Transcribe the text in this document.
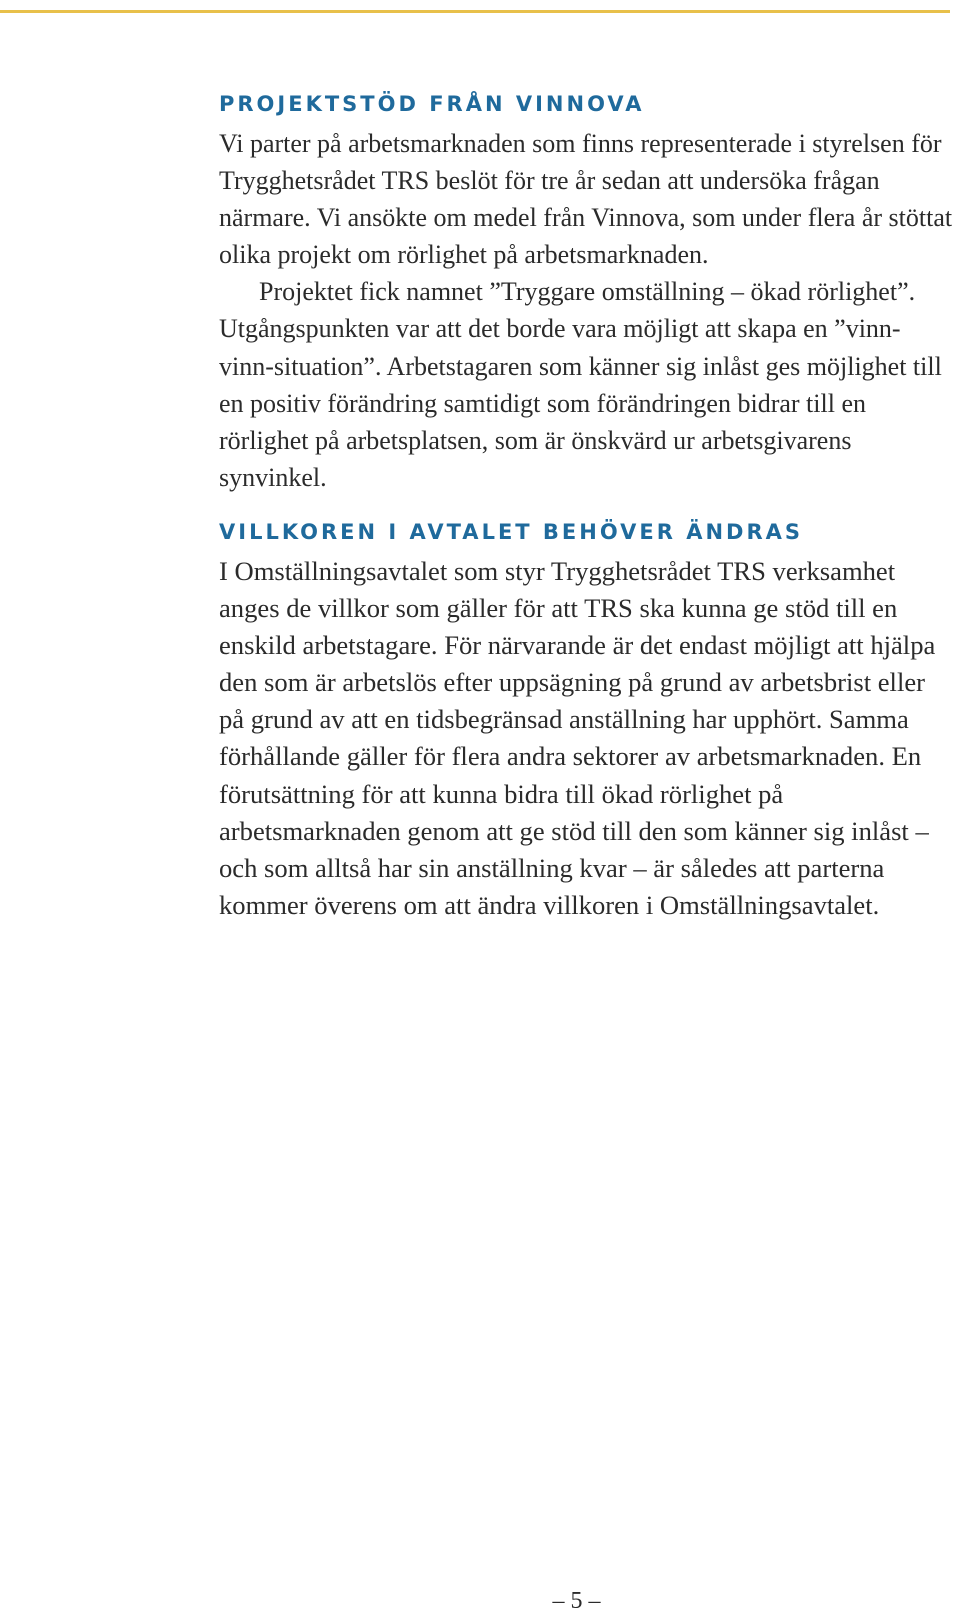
PROJEKTSTÖD FRÅN VINNOVA

Vi parter på arbetsmarknaden som finns representerade i styrelsen för Trygghetsrådet TRS beslöt för tre år sedan att undersöka frågan närmare. Vi ansökte om medel från Vinnova, som under flera år stöttat olika projekt om rörlighet på arbetsmarknaden.

Projektet fick namnet ”Tryggare omställning – ökad rörlighet”. Utgångspunkten var att det borde vara möjligt att skapa en ”vinn-vinn-situation”. Arbetstagaren som känner sig inlåst ges möjlighet till en positiv förändring samtidigt som förändringen bidrar till en rörlighet på arbetsplatsen, som är önskvärd ur arbetsgivarens synvinkel.

VILLKOREN I AVTALET BEHÖVER ÄNDRAS

I Omställningsavtalet som styr Trygghetsrådet TRS verksamhet anges de villkor som gäller för att TRS ska kunna ge stöd till en enskild arbetstagare. För närvarande är det endast möjligt att hjälpa den som är arbetslös efter uppsägning på grund av arbetsbrist eller på grund av att en tidsbegränsad anställning har upphört. Samma förhållande gäller för flera andra sektorer av arbetsmarknaden. En förutsättning för att kunna bidra till ökad rörlighet på arbetsmarknaden genom att ge stöd till den som känner sig inlåst – och som alltså har sin anställning kvar – är således att parterna kommer överens om att ändra villkoren i Omställningsavtalet.

– 5 –
